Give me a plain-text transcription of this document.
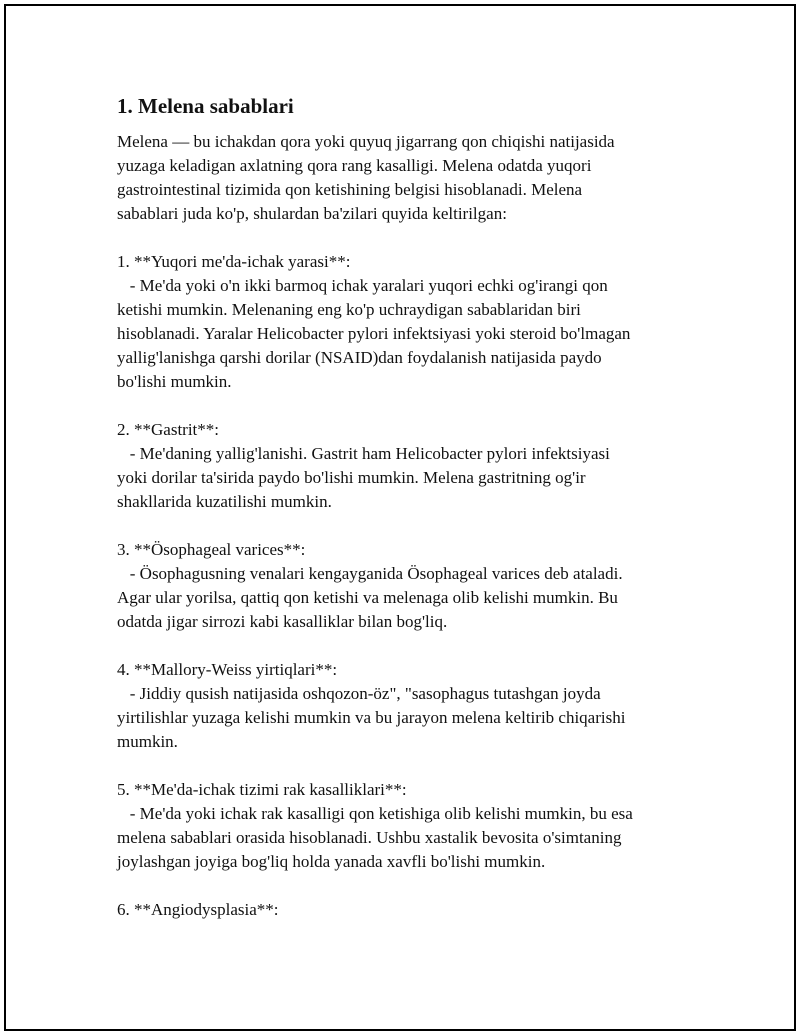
1. Melena sabablari
Melena — bu ichakdan qora yoki quyuq jigarrang qon chiqishi natijasida
yuzaga keladigan axlatning qora rang kasalligi. Melena odatda yuqori
gastrointestinal tizimida qon ketishining belgisi hisoblanadi. Melena
sabablari juda ko'p, shulardan ba'zilari quyida keltirilgan:
1. **Yuqori me'da-ichak yarasi**:
- Me'da yoki o'n ikki barmoq ichak yaralari yuqori echki og'irangi qon
ketishi mumkin. Melenaning eng ko'p uchraydigan sabablaridan biri
hisoblanadi. Yaralar Helicobacter pylori infektsiyasi yoki steroid bo'lmagan
yallig'lanishga qarshi dorilar (NSAID)dan foydalanish natijasida paydo
bo'lishi mumkin.
2. **Gastrit**:
- Me'daning yallig'lanishi. Gastrit ham Helicobacter pylori infektsiyasi
yoki dorilar ta'sirida paydo bo'lishi mumkin. Melena gastritning og'ir
shakllarida kuzatilishi mumkin.
3. **Ösophageal varices**:
- Ösophagusning venalari kengayganida Ösophageal varices deb ataladi.
Agar ular yorilsa, qattiq qon ketishi va melenaga olib kelishi mumkin. Bu
odatda jigar sirrozi kabi kasalliklar bilan bog'liq.
4. **Mallory-Weiss yirtiqlari**:
- Jiddiy qusish natijasida oshqozon-öz", "sasophagus tutashgan joyda
yirtilishlar yuzaga kelishi mumkin va bu jarayon melena keltirib chiqarishi
mumkin.
5. **Me'da-ichak tizimi rak kasalliklari**:
- Me'da yoki ichak rak kasalligi qon ketishiga olib kelishi mumkin, bu esa
melena sabablari orasida hisoblanadi. Ushbu xastalik bevosita o'simtaning
joylashgan joyiga bog'liq holda yanada xavfli bo'lishi mumkin.
6. **Angiodysplasia**:
